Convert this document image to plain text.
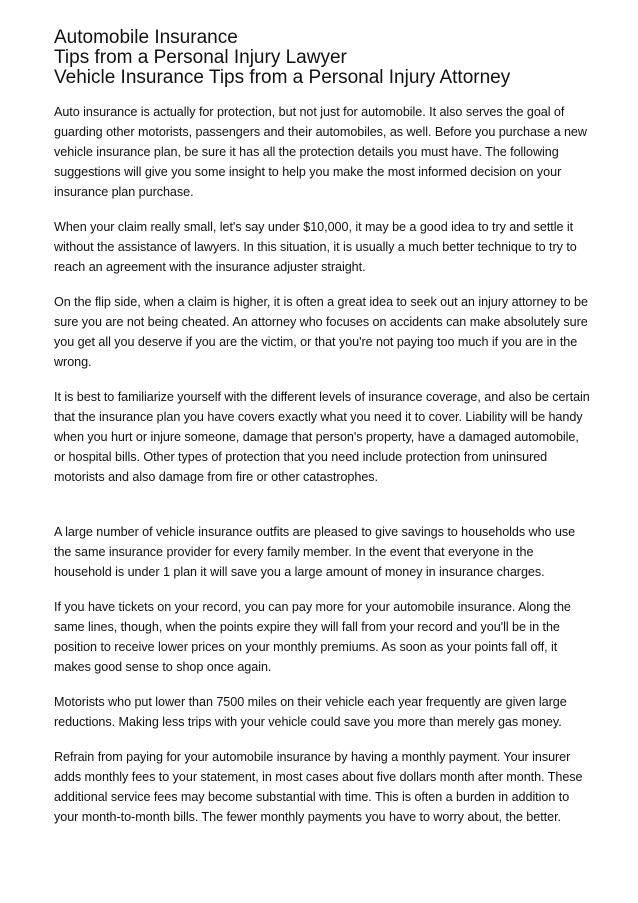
Automobile Insurance
Tips from a Personal Injury Lawyer
Vehicle Insurance Tips from a Personal Injury Attorney

Auto insurance is actually for protection, but not just for automobile. It also serves the goal of guarding other motorists, passengers and their automobiles, as well. Before you purchase a new vehicle insurance plan, be sure it has all the protection details you must have. The following suggestions will give you some insight to help you make the most informed decision on your insurance plan purchase.

When your claim really small, let's say under $10,000, it may be a good idea to try and settle it without the assistance of lawyers. In this situation, it is usually a much better technique to try to reach an agreement with the insurance adjuster straight.

On the flip side, when a claim is higher, it is often a great idea to seek out an injury attorney to be sure you are not being cheated. An attorney who focuses on accidents can make absolutely sure you get all you deserve if you are the victim, or that you're not paying too much if you are in the wrong.

It is best to familiarize yourself with the different levels of insurance coverage, and also be certain that the insurance plan you have covers exactly what you need it to cover. Liability will be handy when you hurt or injure someone, damage that person's property, have a damaged automobile, or hospital bills. Other types of protection that you need include protection from uninsured motorists and also damage from fire or other catastrophes.

A large number of vehicle insurance outfits are pleased to give savings to households who use the same insurance provider for every family member. In the event that everyone in the household is under 1 plan it will save you a large amount of money in insurance charges.

If you have tickets on your record, you can pay more for your automobile insurance. Along the same lines, though, when the points expire they will fall from your record and you'll be in the position to receive lower prices on your monthly premiums. As soon as your points fall off, it makes good sense to shop once again.

Motorists who put lower than 7500 miles on their vehicle each year frequently are given large reductions. Making less trips with your vehicle could save you more than merely gas money.

Refrain from paying for your automobile insurance by having a monthly payment. Your insurer adds monthly fees to your statement, in most cases about five dollars month after month. These additional service fees may become substantial with time. This is often a burden in addition to your month-to-month bills. The fewer monthly payments you have to worry about, the better.
